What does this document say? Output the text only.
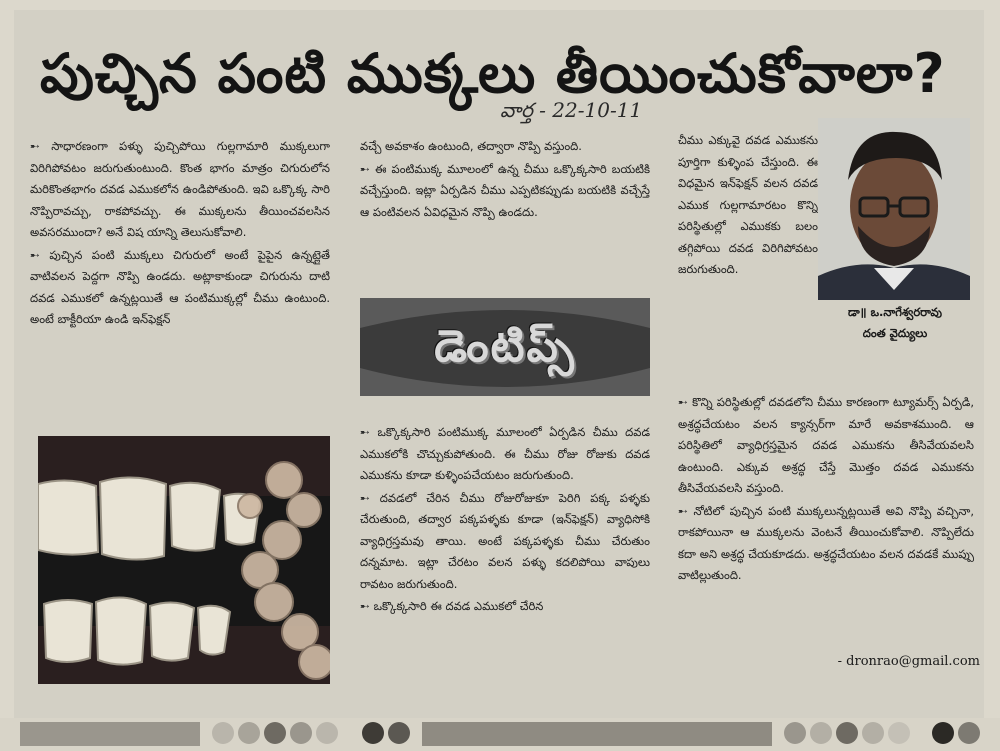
పుచ్చిన పంటి ముక్కలు తీయించుకోవాలా?
వార్త - 22-10-11

➸ సాధారణంగా పళ్ళు పుచ్చిపోయి గుల్లగామారి ముక్కలుగా విరిగిపోవటం జరుగుతుంటుంది. కొంత భాగం మాత్రం చిగురులోన మరికొంతభాగం దవడ ఎముకలోన ఉండిపోతుంది. ఇవి ఒక్కొక్క సారి నొప్పిరావచ్చు, రాకపోవచ్చు. ఈ ముక్కలను తీయించవలసిన అవసరముందా? అనే విష యాన్ని తెలుసుకోవాలి.

➸ పుచ్చిన పంటి ముక్కలు చిగురులో అంటే పైపైన ఉన్నట్లైతే వాటివలన పెద్దగా నొప్పి ఉండదు. అట్లాకాకుండా చిగురును దాటి దవడ ఎముకలో ఉన్నట్లయితే ఆ పంటిముక్కల్లో చీము ఉంటుంది. అంటే బాక్టీరియా ఉండి ఇన్‌ఫెక్షన్

వచ్చే అవకాశం ఉంటుంది, తద్వారా నొప్పి వస్తుంది.

➸ ఈ పంటిముక్క మూలంలో ఉన్న చీము ఒక్కొక్కసారి బయటికి వచ్చేస్తుంది. ఇట్లా ఏర్పడిన చీము ఎప్పటికప్పుడు బయటికి వచ్చేస్తే ఆ పంటివలన ఏవిధమైన నొప్పి ఉండదు.

డెంటిప్స్

➸ ఒక్కొక్కసారి పంటిముక్క మూలంలో ఏర్పడిన చీము దవడ ఎముకలోకి చొచ్చుకుపోతుంది. ఈ చీము రోజు రోజుకు దవడ ఎముకను కూడా కుళ్ళింపచేయటం జరుగుతుంది.

➸ దవడలో చేరిన చీము రోజురోజుకూ పెరిగి పక్క పళ్ళకు చేరుతుంది, తద్వార పక్కపళ్ళకు కూడా (ఇన్‌ఫెక్షన్) వ్యాధిసోకి వ్యాధిగ్రస్తమవు తాయి. అంటే పక్కపళ్ళకు చీము చేరుతుం దన్నమాట. ఇట్లా చేరటం వలన పళ్ళు కదలిపోయి వాపులు రావటం జరుగుతుంది.

➸ ఒక్కొక్కసారి ఈ దవడ ఎముకలో చేరిన

చీము ఎక్కువై దవడ ఎముకను పూర్తిగా కుళ్ళింప చేస్తుంది. ఈ విధమైన ఇన్‌ఫెక్షన్ వలన దవడ ఎముక గుల్లగామారటం కొన్ని పరిస్థితుల్లో ఎముకకు బలం తగ్గిపోయి దవడ విరిగిపోవటం జరుగుతుంది.

డా॥ ఒ.నాగేశ్వరరావు
దంత వైద్యులు

➸ కొన్ని పరిస్థితుల్లో దవడలోని చీము కారణంగా ట్యూమర్స్ ఏర్పడి, అశ్రద్ధచేయటం వలన క్యాన్సర్‌గా మారే అవకాశముంది. ఆ పరిస్థితిలో వ్యాధిగ్రస్తమైన దవడ ఎముకను తీసివేయవలసి ఉంటుంది. ఎక్కువ అశ్రద్ధ చేస్తే మొత్తం దవడ ఎముకను తీసివేయవలసి వస్తుంది.

➸ నోటిలో పుచ్చిన పంటి ముక్కలున్నట్లయితే అవి నొప్పి వచ్చినా, రాకపోయినా ఆ ముక్కలను వెంటనే తీయించుకోవాలి. నొప్పిలేదు కదా అని అశ్రద్ధ చేయకూడదు. అశ్రద్ధచేయటం వలన దవడకే ముప్పు వాటిల్లుతుంది.

- dronrao@gmail.com
